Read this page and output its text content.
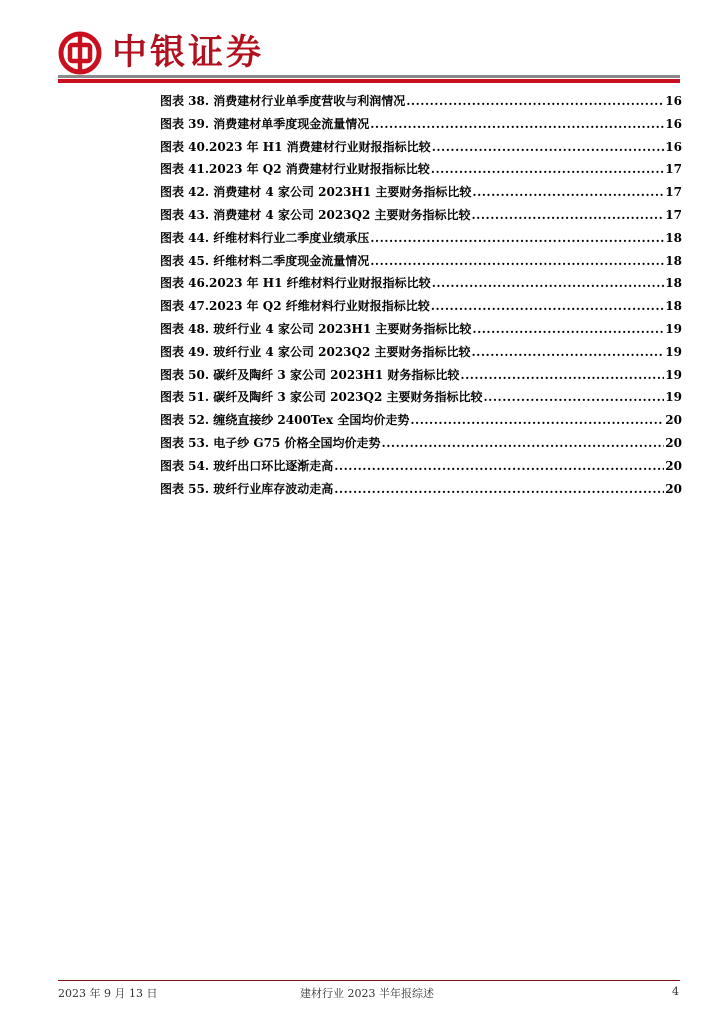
中银证券
图表 38. 消费建材行业单季度营收与利润情况 .....	16
图表 39. 消费建材单季度现金流量情况 .....	16
图表 40.2023 年 H1 消费建材行业财报指标比较 .....	16
图表 41.2023 年 Q2 消费建材行业财报指标比较 .....	17
图表 42. 消费建材 4 家公司 2023H1 主要财务指标比较 .....	17
图表 43. 消费建材 4 家公司 2023Q2 主要财务指标比较 .....	17
图表 44. 纤维材料行业二季度业绩承压 .....	18
图表 45. 纤维材料二季度现金流量情况 .....	18
图表 46.2023 年 H1 纤维材料行业财报指标比较 .....	18
图表 47.2023 年 Q2 纤维材料行业财报指标比较 .....	18
图表 48. 玻纤行业 4 家公司 2023H1 主要财务指标比较 .....	19
图表 49. 玻纤行业 4 家公司 2023Q2 主要财务指标比较 .....	19
图表 50. 碳纤及陶纤 3 家公司 2023H1 财务指标比较 .....	19
图表 51. 碳纤及陶纤 3 家公司 2023Q2 主要财务指标比较 .....	19
图表 52. 缠绕直接纱 2400Tex 全国均价走势 .....	20
图表 53. 电子纱 G75 价格全国均价走势 .....	20
图表 54. 玻纤出口环比逐渐走高 .....	20
图表 55. 玻纤行业库存波动走高 .....	20
2023 年 9 月 13 日	建材行业 2023 半年报综述	4
